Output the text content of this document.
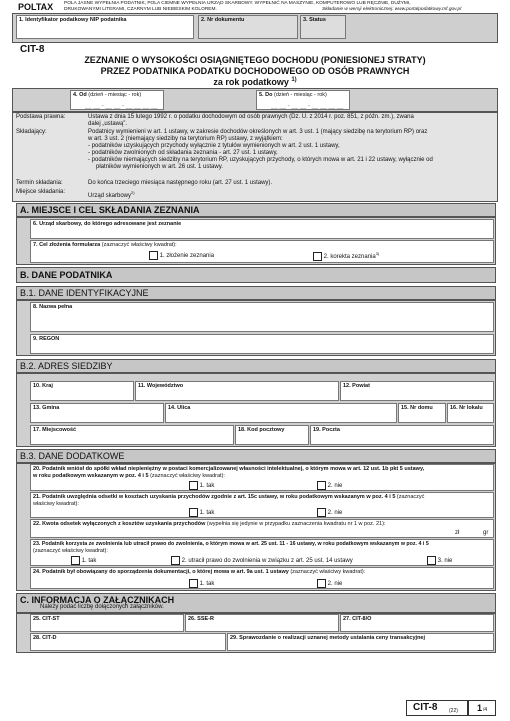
POLTAX POLA JASNE WYPEŁNIA PODATNIK, POLA CIEMNE WYPEŁNIA URZĄD SKARBOWY. WYPEŁNIĆ NA MASZYNIE, KOMPUTEROWO LUB RĘCZNIE, DUŻYMI,
DRUKOWANYMI LITERAMI, CZARNYM LUB NIEBIESKIM KOLOREM.	Składanie w wersji elektronicznej: www.portalpodatkowy.mf.gov.pl
1. Identyfikator podatkowy NIP podatnika	2. Nr dokumentu	3. Status
CIT-8
ZEZNANIE O WYSOKOŚCI OSIĄGNIĘTEGO DOCHODU (PONIESIONEJ STRATY)
PRZEZ PODATNIKA PODATKU DOCHODOWEGO OD OSÓB PRAWNYCH
za rok podatkowy $^{1)}$
4. Od (dzień - miesiąc - rok)
__ __ - __ __ - __ __ __ __
5. Do (dzień - miesiąc - rok)
__ __ - __ __ - __ __ __ __
Podstawa prawna:	Ustawa z dnia 15 lutego 1992 r. o podatku dochodowym od osób prawnych (Dz. U. z 2014 r. poz. 851, z późn. zm.), zwana
dalej „ustawą”.
Składający:	Podatnicy wymienieni w art. 1 ustawy, w zakresie dochodów określonych w art. 3 ust. 1 (mający siedzibę na terytorium RP) oraz
w art. 3 ust. 2 (niemający siedziby na terytorium RP) ustawy, z wyjątkiem:
- podatników uzyskujących przychody wyłącznie z tytułów wymienionych w art. 2 ust. 1 ustawy,
- podatników zwolnionych od składania zeznania - art. 27 ust. 1 ustawy,
- podatników niemających siedziby na terytorium RP, uzyskujących przychody, o których mowa w art. 21 i 22 ustawy, wyłącznie od
płatników wymienionych w art. 26 ust. 1 ustawy.
Termin składania:	Do końca trzeciego miesiąca następnego roku (art. 27 ust. 1 ustawy).
Miejsce składania:
Urząd skarbowy$^{2)}$
A. MIEJSCE I CEL SKŁADANIA ZEZNANIA
6. Urząd skarbowy, do którego adresowane jest zeznanie
7. Cel złożenia formularza (zaznaczyć właściwy kwadrat):
1. złożenie zeznania	2. korekta zeznania$^{3)}$
B. DANE PODATNIKA
B.1. DANE IDENTYFIKACYJNE
8. Nazwa pełna
9. REGON
B.2. ADRES SIEDZIBY
10. Kraj	11. Województwo	12. Powiat
13. Gmina	14. Ulica	15. Nr domu	16. Nr lokalu
17. Miejscowość	18. Kod pocztowy	19. Poczta
B.3. DANE DODATKOWE
20. Podatnik wniósł do spółki wkład niepieniężny w postaci komercjalizowanej własności intelektualnej, o którym mowa w art. 12 ust. 1b pkt 5 ustawy,
w roku podatkowym wskazanym w poz. 4 i 5 (zaznaczyć właściwy kwadrat):
1. tak	2. nie
21. Podatnik uwzględnia odsetki w kosztach uzyskania przychodów zgodnie z art. 15c ustawy, w roku podatkowym wskazanym w poz. 4 i 5 (zaznaczyć
właściwy kwadrat):
1. tak	2. nie
22. Kwota odsetek wyłączonych z kosztów uzyskania przychodów (wypełnia się jedynie w przypadku zaznaczenia kwadratu nr 1 w poz. 21):
zł	gr
23. Podatnik korzysta ze zwolnienia lub utracił prawo do zwolnienia, o którym mowa w art. 25 ust. 11 - 16 ustawy, w roku podatkowym wskazanym w poz. 4 i 5
(zaznaczyć właściwy kwadrat):
1. tak	2. utracił prawo do zwolnienia w związku z art. 25 ust. 14 ustawy	3. nie
24. Podatnik był obowiązany do sporządzenia dokumentacji, o której mowa w art. 9a ust. 1 ustawy (zaznaczyć właściwy kwadrat):
1. tak	2. nie
C. INFORMACJA O ZAŁĄCZNIKACH
Należy podać liczbę dołączonych załączników.
25. CIT-ST	26. SSE-R	27. CIT-8/O
28. CIT-D	29. Sprawozdanie o realizacji uznanej metody ustalania ceny transakcyjnej
CIT-8 (22) 1 /4
